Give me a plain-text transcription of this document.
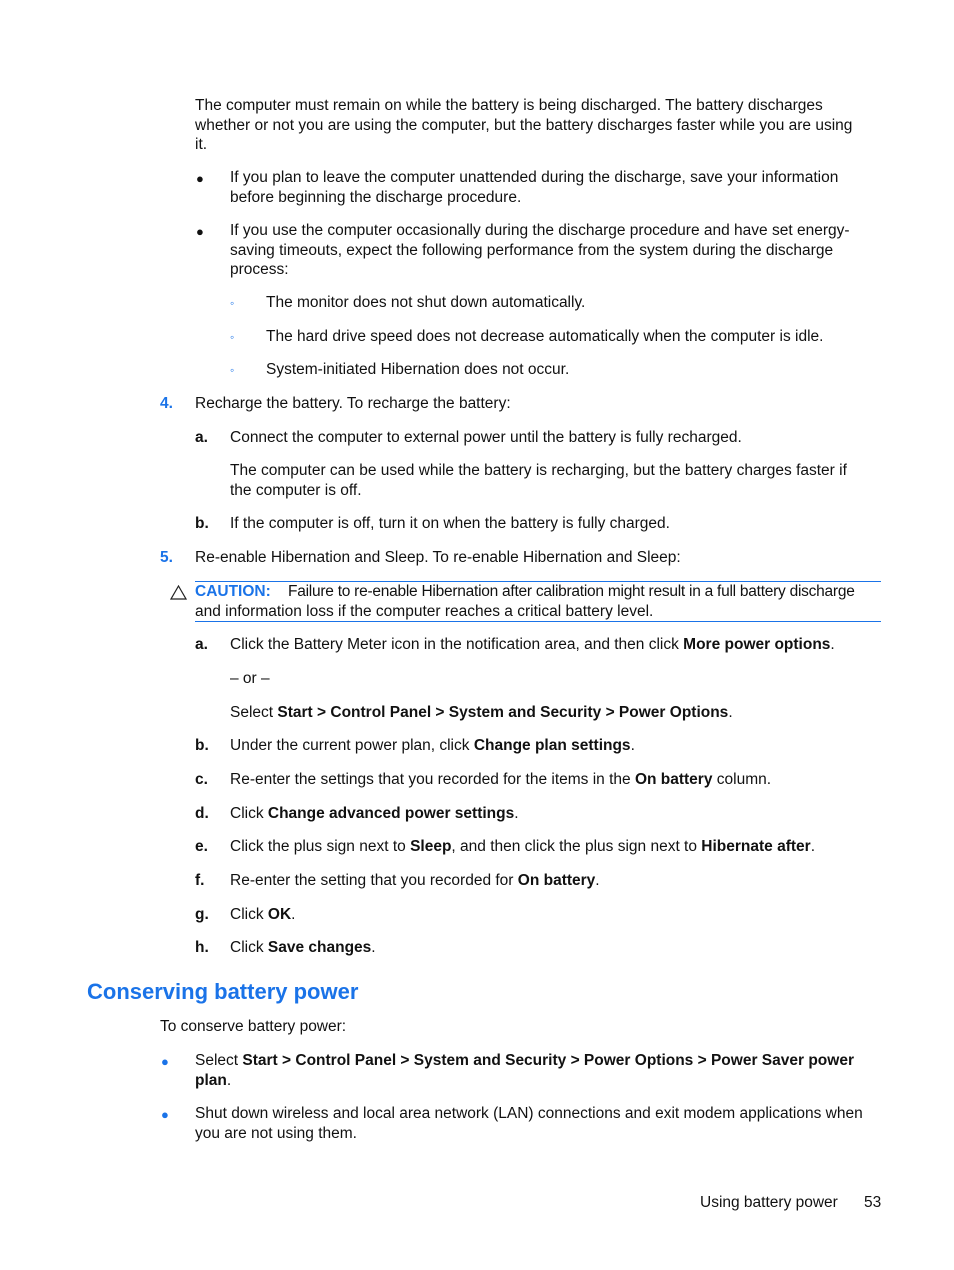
The computer must remain on while the battery is being discharged. The battery discharges

whether or not you are using the computer, but the battery discharges faster while you are using

it.

● If you plan to leave the computer unattended during the discharge, save your information

before beginning the discharge procedure.

● If you use the computer occasionally during the discharge procedure and have set energy-

saving timeouts, expect the following performance from the system during the discharge

process:

◦ The monitor does not shut down automatically.

◦ The hard drive speed does not decrease automatically when the computer is idle.

◦ System-initiated Hibernation does not occur.

4. Recharge the battery. To recharge the battery:

a. Connect the computer to external power until the battery is fully recharged.

The computer can be used while the battery is recharging, but the battery charges faster if

the computer is off.

b. If the computer is off, turn it on when the battery is fully charged.

5. Re-enable Hibernation and Sleep. To re-enable Hibernation and Sleep:

CAUTION: Failure to re-enable Hibernation after calibration might result in a full battery discharge

and information loss if the computer reaches a critical battery level.

a. Click the Battery Meter icon in the notification area, and then click More power options.

– or –

Select Start > Control Panel > System and Security > Power Options.

b. Under the current power plan, click Change plan settings.

c. Re-enter the settings that you recorded for the items in the On battery column.

d. Click Change advanced power settings.

e. Click the plus sign next to Sleep, and then click the plus sign next to Hibernate after.

f. Re-enter the setting that you recorded for On battery.

g. Click OK.

h. Click Save changes.

Conserving battery power

To conserve battery power:

● Select Start > Control Panel > System and Security > Power Options > Power Saver power

plan.

● Shut down wireless and local area network (LAN) connections and exit modem applications when

you are not using them.

Using battery power 53
